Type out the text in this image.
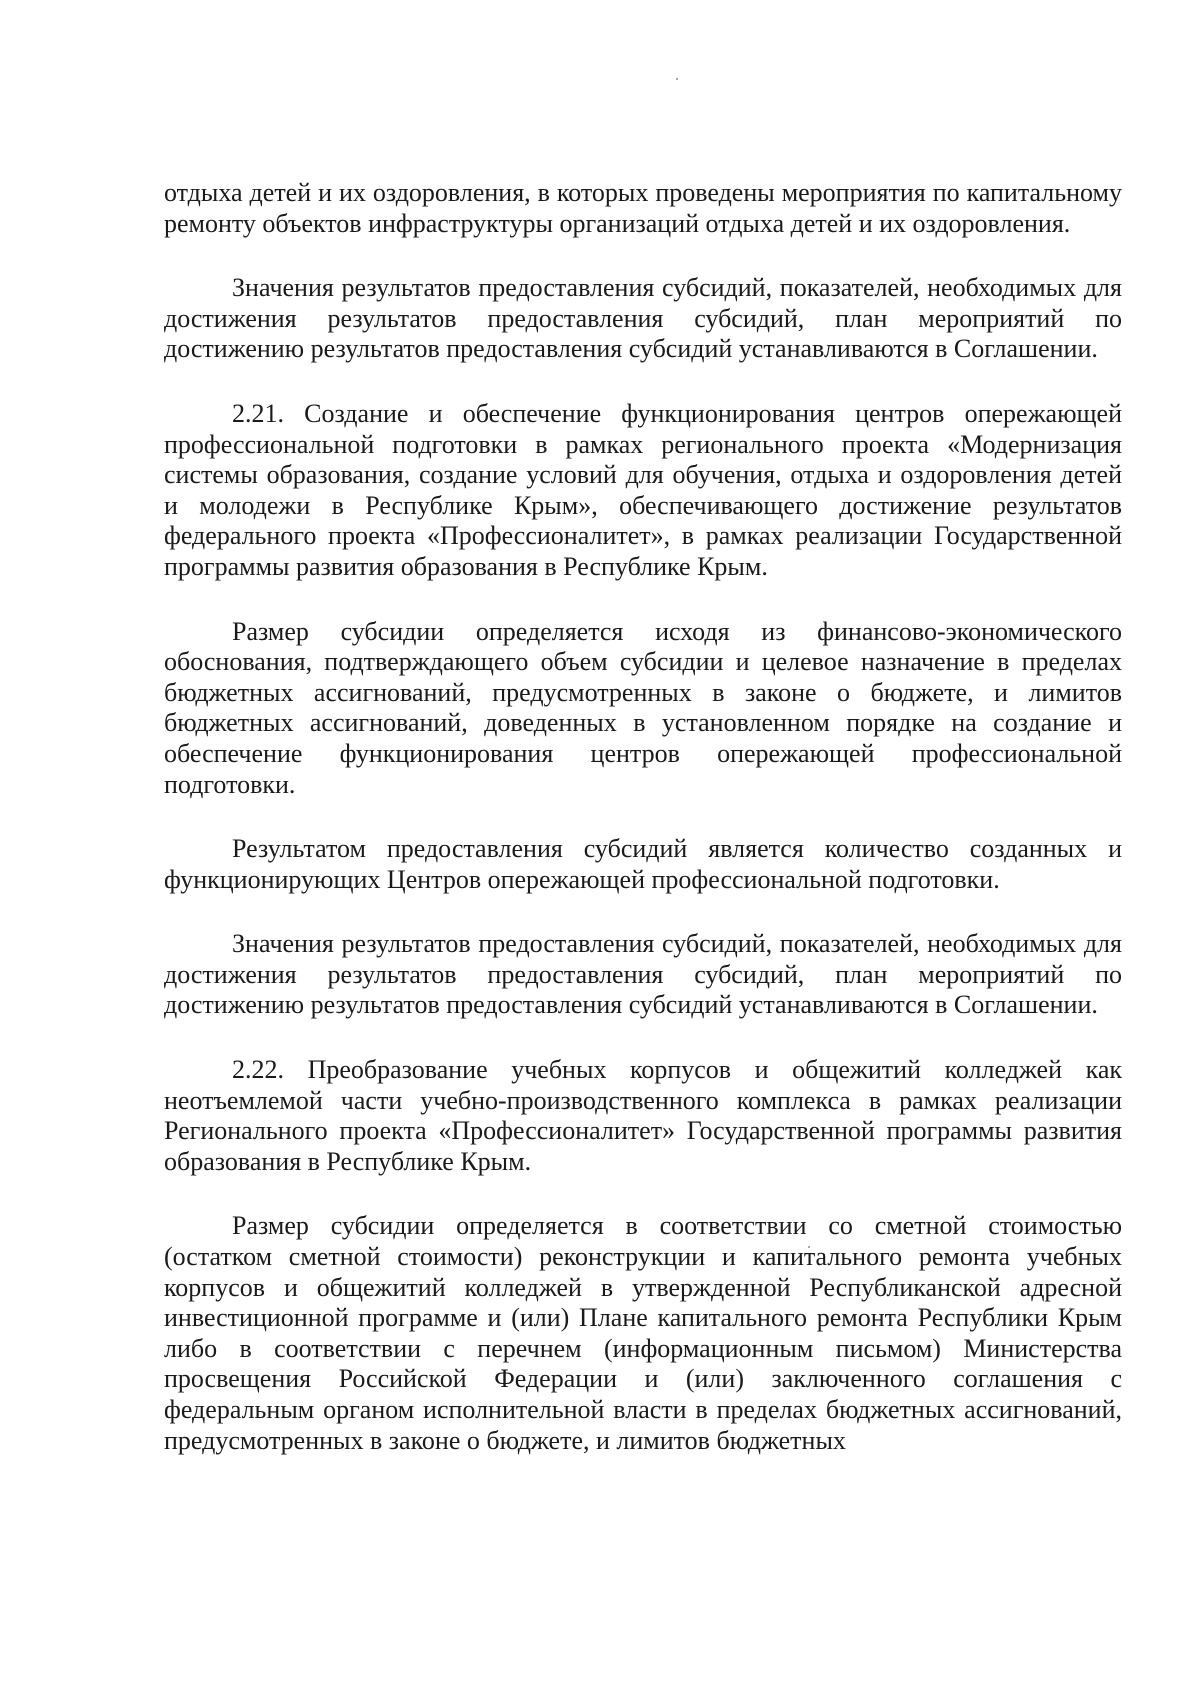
отдыха детей и их оздоровления, в которых проведены мероприятия по капитальному ремонту объектов инфраструктуры организаций отдыха детей и их оздоровления.

Значения результатов предоставления субсидий, показателей, необходимых для достижения результатов предоставления субсидий, план мероприятий по достижению результатов предоставления субсидий устанавливаются в Соглашении.

2.21. Создание и обеспечение функционирования центров опережающей профессиональной подготовки в рамках регионального проекта «Модернизация системы образования, создание условий для обучения, отдыха и оздоровления детей и молодежи в Республике Крым», обеспечивающего достижение результатов федерального проекта «Профессионалитет», в рамках реализации Государственной программы развития образования в Республике Крым.

Размер субсидии определяется исходя из финансово-экономического обоснования, подтверждающего объем субсидии и целевое назначение в пределах бюджетных ассигнований, предусмотренных в законе о бюджете, и лимитов бюджетных ассигнований, доведенных в установленном порядке на создание и обеспечение функционирования центров опережающей профессиональной подготовки.

Результатом предоставления субсидий является количество созданных и функционирующих Центров опережающей профессиональной подготовки.

Значения результатов предоставления субсидий, показателей, необходимых для достижения результатов предоставления субсидий, план мероприятий по достижению результатов предоставления субсидий устанавливаются в Соглашении.

2.22. Преобразование учебных корпусов и общежитий колледжей как неотъемлемой части учебно-производственного комплекса в рамках реализации Регионального проекта «Профессионалитет» Государственной программы развития образования в Республике Крым.

Размер субсидии определяется в соответствии со сметной стоимостью (остатком сметной стоимости) реконструкции и капитального ремонта учебных корпусов и общежитий колледжей в утвержденной Республиканской адресной инвестиционной программе и (или) Плане капитального ремонта Республики Крым либо в соответствии с перечнем (информационным письмом) Министерства просвещения Российской Федерации и (или) заключенного соглашения с федеральным органом исполнительной власти в пределах бюджетных ассигнований, предусмотренных в законе о бюджете, и лимитов бюджетных
